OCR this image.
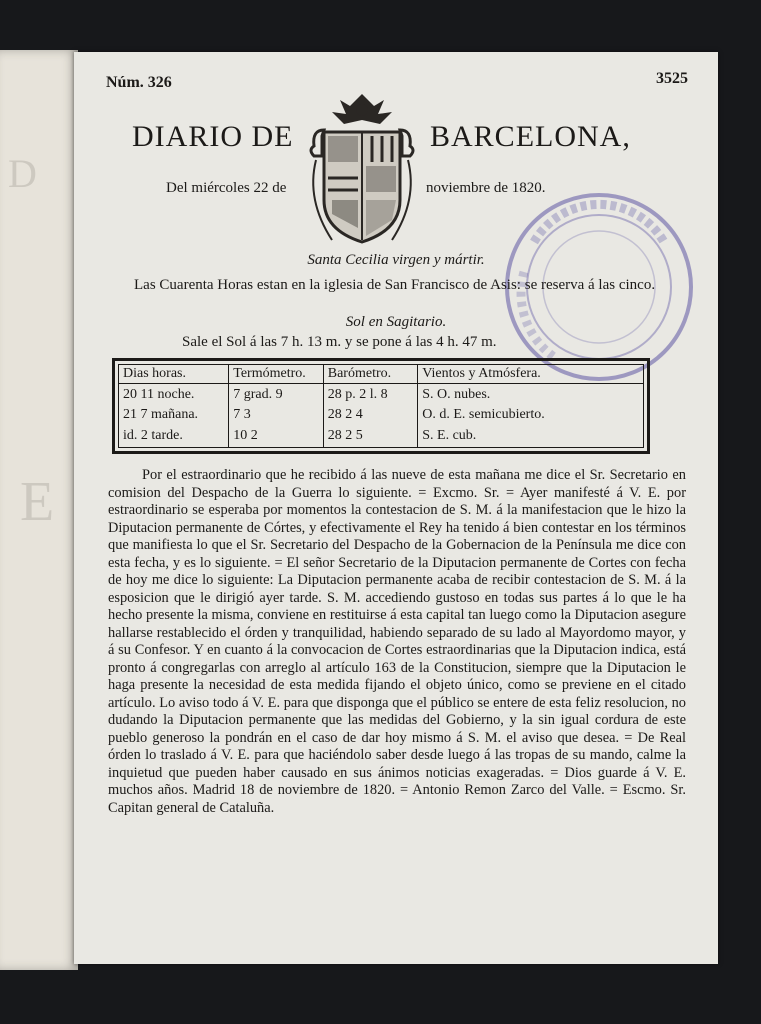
D
E
Núm. 326	3525
DIARIO DE	BARCELONA,
Del miércoles 22 de	noviembre de 1820.
Santa Cecilia virgen y mártir.
Las Cuarenta Horas estan en la iglesia de San Francisco de Asis: se reserva á las cinco.
Sol en Sagitario.
Sale el Sol á las 7 h. 13 m. y se pone á las 4 h. 47 m.
Dias horas.	Termómetro.	Barómetro.	Vientos y Atmósfera.
20 11 noche.	7 grad. 9	28 p. 2 l. 8	S. O. nubes.
21 7 mañana.	7 3	28 2 4	O. d. E. semicubierto.
id. 2 tarde.	10 2	28 2 5	S. E. cub.

Por el estraordinario que he recibido á las nueve de esta mañana me dice el Sr. Secretario en comision del Despacho de la Guerra lo siguiente. = Excmo. Sr. = Ayer manifesté á V. E. por estraordinario se esperaba por momentos la contestacion de S. M. á la manifestacion que le hizo la Diputacion permanente de Córtes, y efectivamente el Rey ha tenido á bien contestar en los términos que manifiesta lo que el Sr. Secretario del Despacho de la Gobernacion de la Península me dice con esta fecha, y es lo siguiente. = El señor Secretario de la Diputacion permanente de Cortes con fecha de hoy me dice lo siguiente: La Diputacion permanente acaba de recibir contestacion de S. M. á la esposicion que le dirigió ayer tarde. S. M. accediendo gustoso en todas sus partes á lo que le ha hecho presente la misma, conviene en restituirse á esta capital tan luego como la Diputacion asegure hallarse restablecido el órden y tranquilidad, habiendo separado de su lado al Mayordomo mayor, y á su Confesor. Y en cuanto á la convocacion de Cortes estraordinarias que la Diputacion indica, está pronto á congregarlas con arreglo al artículo 163 de la Constitucion, siempre que la Diputacion le haga presente la necesidad de esta medida fijando el objeto único, como se previene en el citado artículo. Lo aviso todo á V. E. para que disponga que el público se entere de esta feliz resolucion, no dudando la Diputacion permanente que las medidas del Gobierno, y la sin igual cordura de este pueblo generoso la pondrán en el caso de dar hoy mismo á S. M. el aviso que desea. = De Real órden lo traslado á V. E. para que haciéndolo saber desde luego á las tropas de su mando, calme la inquietud que pueden haber causado en sus ánimos noticias exageradas. = Dios guarde á V. E. muchos años. Madrid 18 de noviembre de 1820. = Antonio Remon Zarco del Valle. = Escmo. Sr. Capitan general de Cataluña.
